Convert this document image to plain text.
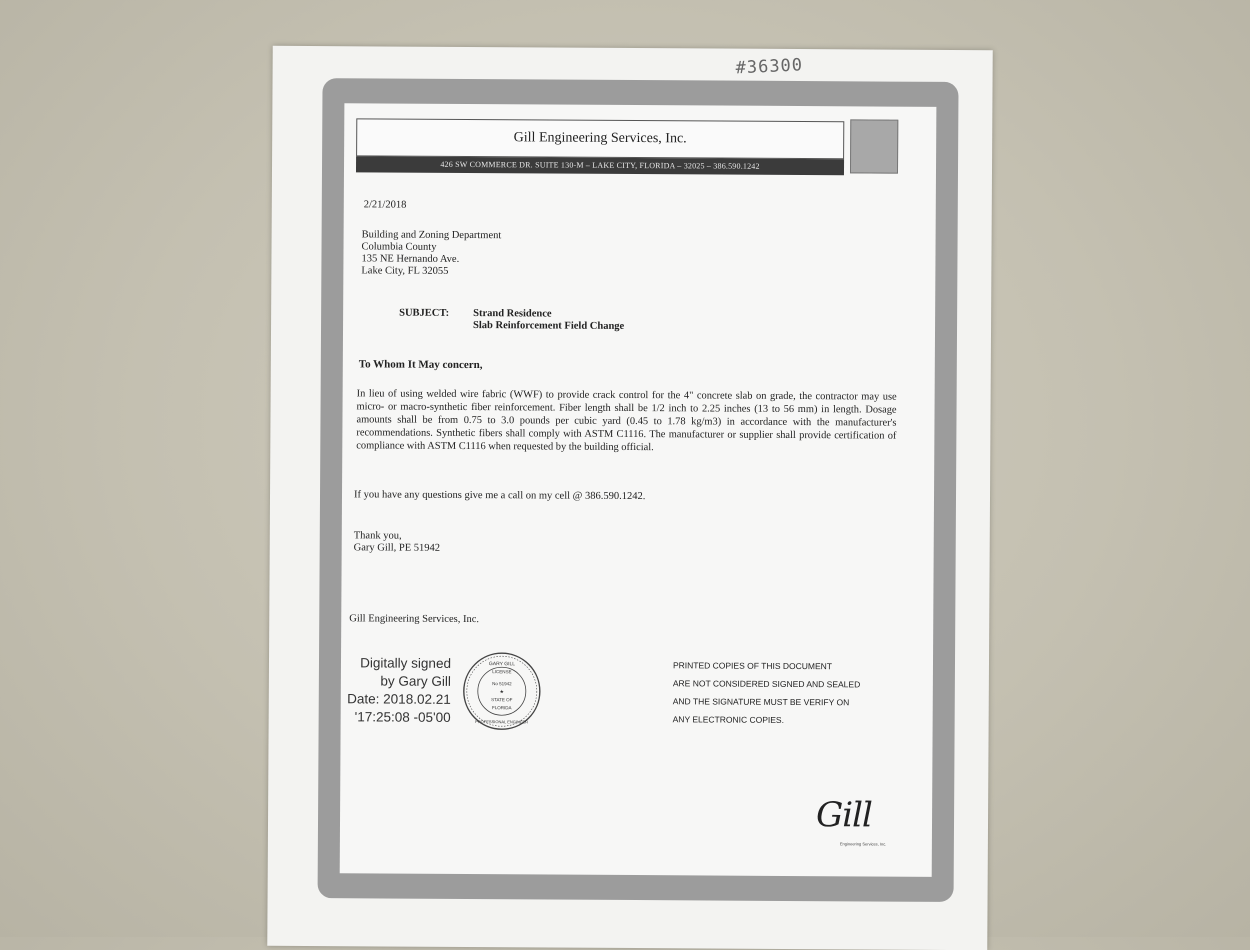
#36300
Gill Engineering Services, Inc.
426 SW COMMERCE DR. SUITE 130-M – LAKE CITY, FLORIDA – 32025 – 386.590.1242
2/21/2018
Building and Zoning Department
Columbia County
135 NE Hernando Ave.
Lake City, FL 32055
SUBJECT: Strand Residence
Slab Reinforcement Field Change
To Whom It May concern,
In lieu of using welded wire fabric (WWF) to provide crack control for the 4" concrete slab on grade, the contractor may use micro- or macro-synthetic fiber reinforcement. Fiber length shall be 1/2 inch to 2.25 inches (13 to 56 mm) in length. Dosage amounts shall be from 0.75 to 3.0 pounds per cubic yard (0.45 to 1.78 kg/m3) in accordance with the manufacturer's recommendations. Synthetic fibers shall comply with ASTM C1116. The manufacturer or supplier shall provide certification of compliance with ASTM C1116 when requested by the building official.
If you have any questions give me a call on my cell @ 386.590.1242.
Thank you,
Gary Gill, PE 51942
Gill Engineering Services, Inc.
Digitally signed
by Gary Gill
Date: 2018.02.21
'17:25:08 -05'00
GARY GILL
LICENSE
No 51942
★
STATE OF
FLORIDA
PROFESSIONAL ENGINEER
PRINTED COPIES OF THIS DOCUMENT
ARE NOT CONSIDERED SIGNED AND SEALED
AND THE SIGNATURE MUST BE VERIFY ON
ANY ELECTRONIC COPIES.
Gill
Engineering Services, Inc.
